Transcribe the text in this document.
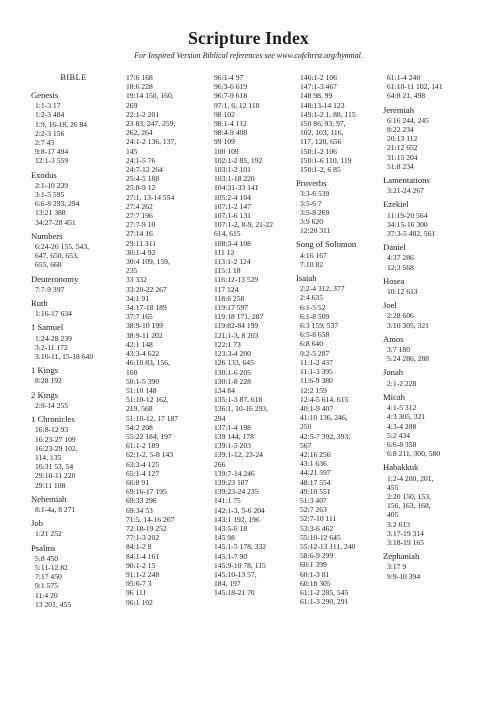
Scripture Index
For Inspired Version Biblical references see www.cofchrist.org/hymnal.
BIBLE
Genesis
1:1-3 17
1:2-3 484
1:9, 16-18, 26 84
2:2-3 156
2:7 43
9:8-17 494
12:1-3 559
Exodus
2:1-10 239
3:1-5 595
6:6-8 293, 294
13:21 388
34:27-28 451
Numbers
6:24-26 155, 543,
647, 650, 653,
655, 660
Deuteronomy
7:7-9 397
Ruth
1:16-17 634
1 Samuel
1:24-28 239
3:2-11 172
3:10-11, 15-18 640
1 Kings
8:28 192
2 Kings
2:9-14 255
1 Chronicles
16:8-12 93
16:23-27 109
16:23-29 102,
114, 135
16:31 53, 54
29:10-11 220
29:11 108
Nehemiah
8:1-4a, 8 271
Job
1:21 252
Psalms
5:8 450
5:11-12 82
7:17 450
9:1 575
11:4 20
13 201, 455
17:6 168
18:6 228
19:14 150, 160,
269
22:1-2 201
23 83, 247, 259,
262, 264
24:1-2 136, 137,
145
24:1-5 76
24:7-12 264
25:4-5 188
25:8-9 12
27:1, 13-14 554
27:4 262
27:7 196
27:7-9 10
27:14 16
29:11 311
30:1-4 92
30:4 109, 159,
235
33 332
33:20-22 267
34:1 91
34:17-18 189
37:7 165
38:9-10 199
38:9-11 202
42:1 148
43:3-4 622
46:10 83, 156,
160
50:1-5 390
51:10 148
51:10-12 162,
219, 568
51:10-12, 17 187
54:2 208
55:22 184, 197
61:1-2 189
62:1-2, 5-8 143
63:3-4 125
65:1-4 127
66:8 91
69:16-17 195
69:33 296
69:34 53
71:5, 14-16 267
72:18-19 252
77:1-3 202
84:1-2 8
84:1-4 161
90:1-2 15
91:1-2 248
95:6-7 3
96 111
96:1 102
96:1-4 97
96:3-6 619
96:7-9 618
97:1, 6, 12 118
98 102
98:1-4 112
98:4-9 408
99 109
100 109
102:1-2 85, 192
103:1-2 101
103:1-18 220
104:31-33 141
105:2-4 104
107:1-2 147
107:1-6 131
107:1-2, 8-9, 21-22
614, 615
108:3-4 108
111 12
113:1-2 124
115:1 18
116:12-13 529
117 124
118:6 258
119:17 597
119:18 171, 287
119:82-84 199
121:1-3, 8 203
122:1 73
123:3-4 200
126 133, 645
130:1-6 205
130:1-8 228
134 84
135:1-3 87, 618
136:1, 10-16 293,
294
137:1-4 198
139 144, 178
139:1-5 203
139:1-12, 23-24
266
139:7-14 246
139:23 187
139:23-24 235
141:1 75
142:1-3, 5-6 204
143:1 192, 196
143:5-6 18
145 98
145:1-5 178, 332
145:1-7 90
145:9-10 78, 115
145:10-13 57,
184, 197
145:18-21 70
146:1-2 106
147:1-3 467
148 98, 99
148:13-14 123
149:1-2 1, 88, 115
150 86, 93, 97,
102, 103, 116,
117, 120, 656
150:1-2 106
150:1-6 110, 119
150:1-2, 6 85
Proverbs
3:3-6 539
3:5-6 7
3:5-8 269
3:9 620
12:20 311
Song of Solomon
4:16 167
7:10 82
Isaiah
2:2-4 312, 377
2:4 635
6:1-5 52
6:1-8 509
6:3 159, 537
6:5-8 658
6:8 640
9:2-5 287
11:1-2 437
11:1-3 395
11:6-9 380
12:2 159
12:4-5 614, 615
40:1-9 407
41:10 136, 246,
250
42:5-7 392, 393,
567
42:16 256
43:1 636
44:21 597
48:17 554
49:10 551
51:3 407
52:7 263
52:7-10 111
53:3-6 462
55:10-12 645
55:12-13 111, 240
58:6-9 299
60:1 399
60:1-3 81
60:18 305
61:1-2 285, 545
61:1-3 290, 291
61:1-4 240
61:10-11 102, 141
64:8 21, 498
Jeremiah
6:16 244, 245
8:22 234
20:13 112
21:12 652
31:15 204
51:8 234
Lamentations
3:21-24 267
Ezekiel
11:19-20 564
34:15-16 300
37:3-5 482, 561
Daniel
4:37 286
12:3 568
Hosea
10:12 613
Joel
2:28 606
3:10 305, 321
Amos
3:7 180
5:24 286, 288
Jonah
2:1-2 228
Micah
4:1-5 312
4:3 305, 321
4:3-4 288
5:2 434
6:6-8 358
6:8 211, 300, 580
Habakkuk
1:2-4 200, 201,
455
2:20 150, 153,
156, 163, 168,
405
3:2 613
3:17-19 314
3:18-19 165
Zephaniah
3:17 9
9:9-10 394
